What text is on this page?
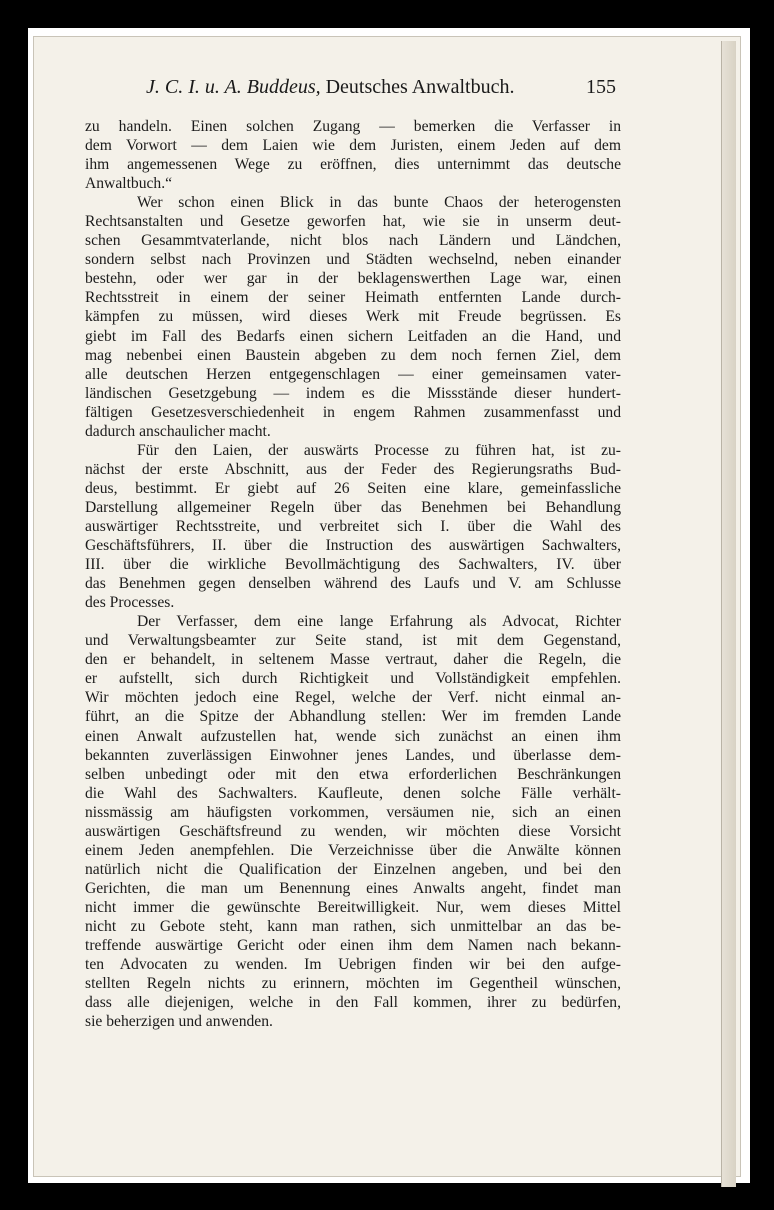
J. C. I. u. A. Buddeus, Deutsches Anwaltbuch.	155
zu handeln. Einen solchen Zugang — bemerken die Verfasser in
dem Vorwort — dem Laien wie dem Juristen, einem Jeden auf dem
ihm angemessenen Wege zu eröffnen, dies unternimmt das deutsche
Anwaltbuch.“
Wer schon einen Blick in das bunte Chaos der heterogensten
Rechtsanstalten und Gesetze geworfen hat, wie sie in unserm deut-
schen Gesammtvaterlande, nicht blos nach Ländern und Ländchen,
sondern selbst nach Provinzen und Städten wechselnd, neben einander
bestehn, oder wer gar in der beklagenswerthen Lage war, einen
Rechtsstreit in einem der seiner Heimath entfernten Lande durch-
kämpfen zu müssen, wird dieses Werk mit Freude begrüssen. Es
giebt im Fall des Bedarfs einen sichern Leitfaden an die Hand, und
mag nebenbei einen Baustein abgeben zu dem noch fernen Ziel, dem
alle deutschen Herzen entgegenschlagen — einer gemeinsamen vater-
ländischen Gesetzgebung — indem es die Missstände dieser hundert-
fältigen Gesetzesverschiedenheit in engem Rahmen zusammenfasst und
dadurch anschaulicher macht.
Für den Laien, der auswärts Processe zu führen hat, ist zu-
nächst der erste Abschnitt, aus der Feder des Regierungsraths Bud-
deus, bestimmt. Er giebt auf 26 Seiten eine klare, gemeinfassliche
Darstellung allgemeiner Regeln über das Benehmen bei Behandlung
auswärtiger Rechtsstreite, und verbreitet sich I. über die Wahl des
Geschäftsführers, II. über die Instruction des auswärtigen Sachwalters,
III. über die wirkliche Bevollmächtigung des Sachwalters, IV. über
das Benehmen gegen denselben während des Laufs und V. am Schlusse
des Processes.
Der Verfasser, dem eine lange Erfahrung als Advocat, Richter
und Verwaltungsbeamter zur Seite stand, ist mit dem Gegenstand,
den er behandelt, in seltenem Masse vertraut, daher die Regeln, die
er aufstellt, sich durch Richtigkeit und Vollständigkeit empfehlen.
Wir möchten jedoch eine Regel, welche der Verf. nicht einmal an-
führt, an die Spitze der Abhandlung stellen: Wer im fremden Lande
einen Anwalt aufzustellen hat, wende sich zunächst an einen ihm
bekannten zuverlässigen Einwohner jenes Landes, und überlasse dem-
selben unbedingt oder mit den etwa erforderlichen Beschränkungen
die Wahl des Sachwalters. Kaufleute, denen solche Fälle verhält-
nissmässig am häufigsten vorkommen, versäumen nie, sich an einen
auswärtigen Geschäftsfreund zu wenden, wir möchten diese Vorsicht
einem Jeden anempfehlen. Die Verzeichnisse über die Anwälte können
natürlich nicht die Qualification der Einzelnen angeben, und bei den
Gerichten, die man um Benennung eines Anwalts angeht, findet man
nicht immer die gewünschte Bereitwilligkeit. Nur, wem dieses Mittel
nicht zu Gebote steht, kann man rathen, sich unmittelbar an das be-
treffende auswärtige Gericht oder einen ihm dem Namen nach bekann-
ten Advocaten zu wenden. Im Uebrigen finden wir bei den aufge-
stellten Regeln nichts zu erinnern, möchten im Gegentheil wünschen,
dass alle diejenigen, welche in den Fall kommen, ihrer zu bedürfen,
sie beherzigen und anwenden.
